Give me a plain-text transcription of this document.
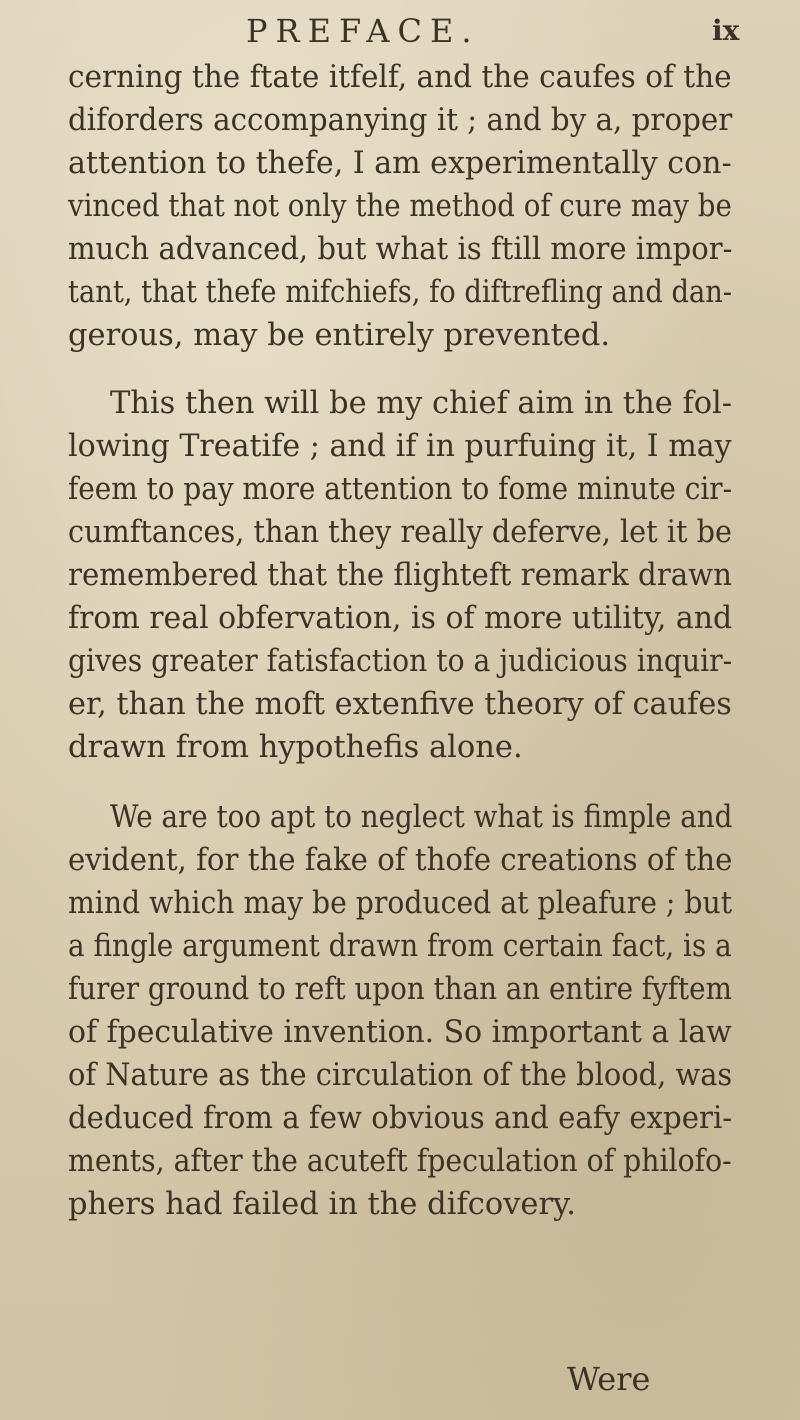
PREFACE.	ix
cerning the ftate itfelf, and the caufes of the
diforders accompanying it ; and by a, proper
attention to thefe, I am experimentally con-
vinced that not only the method of cure may be
much advanced, but what is ftill more impor-
tant, that thefe mifchiefs, fo diftrefling and dan-
gerous, may be entirely prevented.
This then will be my chief aim in the fol-
lowing Treatife ; and if in purfuing it, I may
feem to pay more attention to fome minute cir-
cumftances, than they really deferve, let it be
remembered that the flighteft remark drawn
from real obfervation, is of more utility, and
gives greater fatisfaction to a judicious inquir-
er, than the moft extenfive theory of caufes
drawn from hypothefis alone.
We are too apt to neglect what is fimple and
evident, for the fake of thofe creations of the
mind which may be produced at pleafure ; but
a fingle argument drawn from certain fact, is a
furer ground to reft upon than an entire fyftem
of fpeculative invention. So important a law
of Nature as the circulation of the blood, was
deduced from a few obvious and eafy experi-
ments, after the acuteft fpeculation of philofo-
phers had failed in the difcovery.
Were
